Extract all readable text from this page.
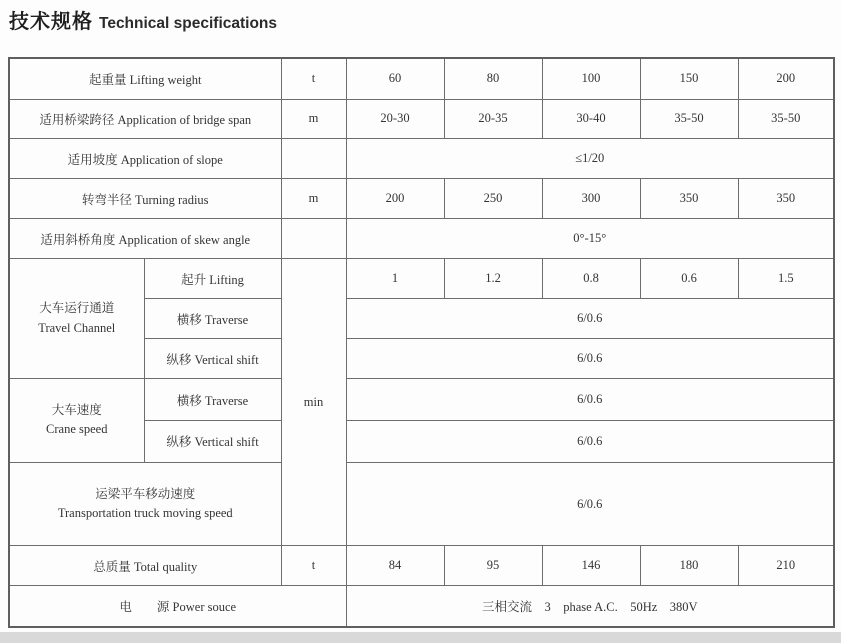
技术规格 Technical specifications
起重量 Lifting weight		t	60	80	100	150	200
适用桥梁跨径 Application of bridge span		m	20-30	20-35	30-40	35-50	35-50
适用坡度 Application of slope			≤1/20				
转弯半径 Turning radius		m	200	250	300	350	350
适用斜桥角度 Application of skew angle			0°-15°				

大车运行通道
Travel Channel	起升 Lifting	min	1	1.2	0.8	0.6	1.5
	横移 Traverse		6/0.6				
	纵移 Vertical shift		6/0.6				

大车速度
Crane speed	横移 Traverse		6/0.6				
	纵移 Vertical shift		6/0.6				

运梁平车移动速度
Transportation truck moving speed			6/0.6				
总质量 Total quality		t	84	95	146	180	210
电　　源 Power souce			三相交流　3　phase A.C.　50Hz　380V				
